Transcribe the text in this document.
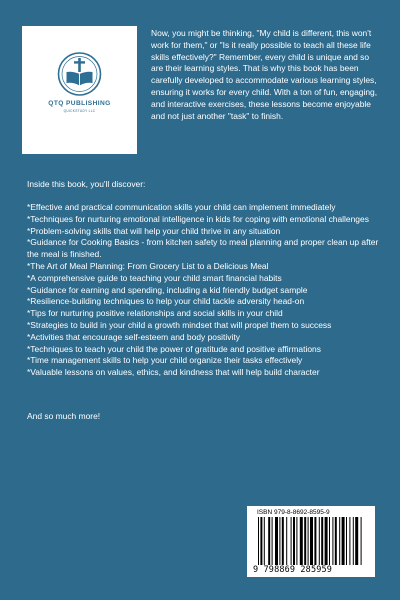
QTQ PUBLISHING
QUICKSTUDY LLC

Now, you might be thinking, "My child is different, this won't work for them," or "Is it really possible to teach all these life skills effectively?" Remember, every child is unique and so are their learning styles. That is why this book has been carefully developed to accommodate various learning styles, ensuring it works for every child. With a ton of fun, engaging, and interactive exercises, these lessons become enjoyable and not just another "task" to finish.

Inside this book, you'll discover:

*Effective and practical communication skills your child can implement immediately
*Techniques for nurturing emotional intelligence in kids for coping with emotional challenges
*Problem-solving skills that will help your child thrive in any situation
*Guidance for Cooking Basics - from kitchen safety to meal planning and proper clean up after the meal is finished.
*The Art of Meal Planning: From Grocery List to a Delicious Meal
*A comprehensive guide to teaching your child smart financial habits
*Guidance for earning and spending, including a kid friendly budget sample
*Resilience-building techniques to help your child tackle adversity head-on
*Tips for nurturing positive relationships and social skills in your child
*Strategies to build in your child a growth mindset that will propel them to success
*Activities that encourage self-esteem and body positivity
*Techniques to teach your child the power of gratitude and positive affirmations
*Time management skills to help your child organize their tasks effectively
*Valuable lessons on values, ethics, and kindness that will help build character

And so much more!

ISBN 979-8-8692-8595-9
9 798869 285959
